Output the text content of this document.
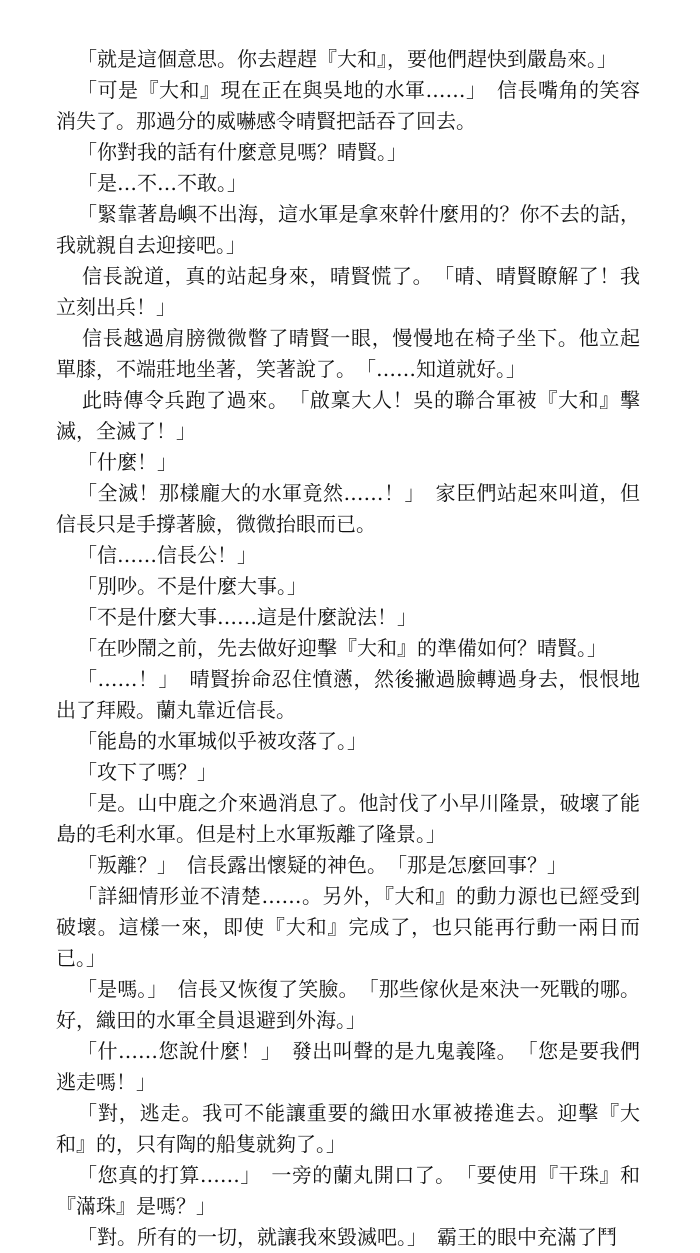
「就是這個意思。你去趕趕『大和』，要他們趕快到嚴島來。」

「可是『大和』現在正在與吳地的水軍……」　信長嘴角的笑容消失了。那過分的威嚇感令晴賢把話吞了回去。

「你對我的話有什麼意見嗎？晴賢。」

「是…不…不敢。」

「緊靠著島嶼不出海，這水軍是拿來幹什麼用的？你不去的話，我就親自去迎接吧。」

信長說道，真的站起身來，晴賢慌了。　「晴、晴賢瞭解了！我立刻出兵！」

信長越過肩膀微微瞥了晴賢一眼，慢慢地在椅子坐下。他立起單膝，不端莊地坐著，笑著說了。　「……知道就好。」

此時傳令兵跑了過來。　「啟稟大人！吳的聯合軍被『大和』擊滅，全滅了！」

「什麼！」

「全滅！那樣龐大的水軍竟然……！」　家臣們站起來叫道，但信長只是手撐著臉，微微抬眼而已。

「信……信長公！」

「別吵。不是什麼大事。」

「不是什麼大事……這是什麼說法！」

「在吵鬧之前，先去做好迎擊『大和』的準備如何？晴賢。」

「……！」　晴賢拚命忍住憤懣，然後撇過臉轉過身去，恨恨地出了拜殿。蘭丸靠近信長。

「能島的水軍城似乎被攻落了。」

「攻下了嗎？」

「是。山中鹿之介來過消息了。他討伐了小早川隆景，破壞了能島的毛利水軍。但是村上水軍叛離了隆景。」

「叛離？」　信長露出懷疑的神色。　「那是怎麼回事？」

「詳細情形並不清楚……。另外，『大和』的動力源也已經受到破壞。這樣一來，即使『大和』完成了，也只能再行動一兩日而已。」

「是嗎。」　信長又恢復了笑臉。　「那些傢伙是來決一死戰的哪。好，織田的水軍全員退避到外海。」

「什……您說什麼！」　發出叫聲的是九鬼義隆。　「您是要我們逃走嗎！」

「對，逃走。我可不能讓重要的織田水軍被捲進去。迎擊『大和』的，只有陶的船隻就夠了。」

「您真的打算……」　一旁的蘭丸開口了。　「要使用『干珠』和『滿珠』是嗎？」

「對。所有的一切，就讓我來毀滅吧。」　霸王的眼中充滿了鬥
